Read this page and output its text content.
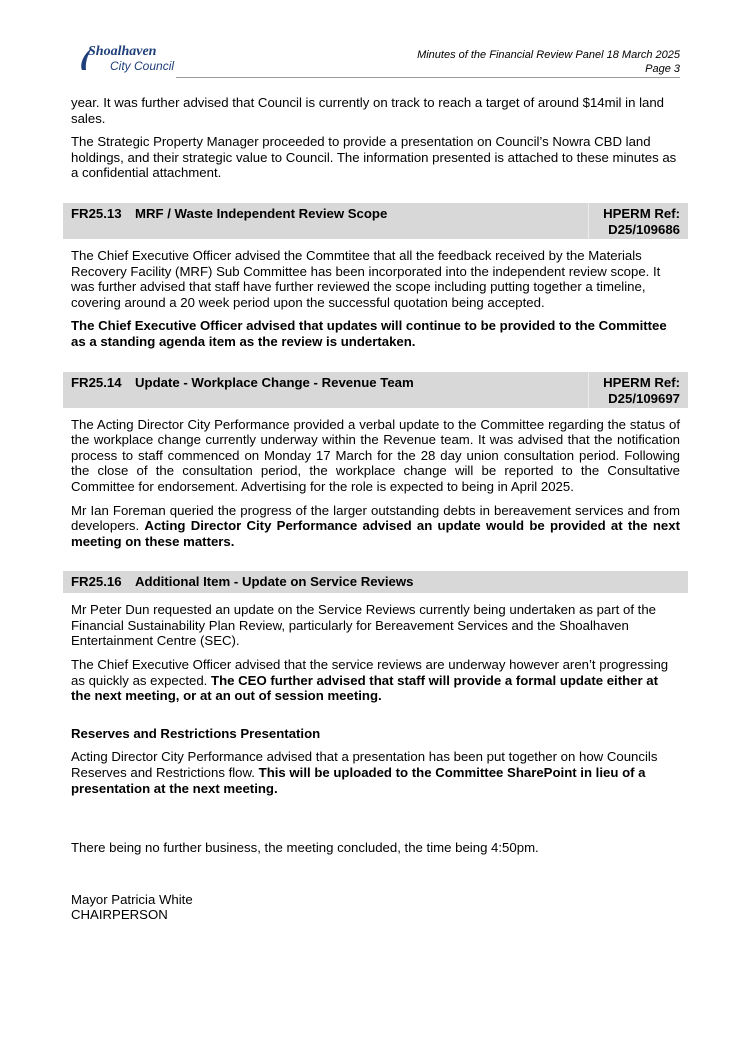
Shoalhaven
City Council
Minutes of the Financial Review Panel 18 March 2025
Page 3

year. It was further advised that Council is currently on track to reach a target of around $14mil in land sales.

The Strategic Property Manager proceeded to provide a presentation on Council’s Nowra CBD land holdings, and their strategic value to Council. The information presented is attached to these minutes as a confidential attachment.

FR25.13 MRF / Waste Independent Review Scope	HPERM Ref:
D25/109686

The Chief Executive Officer advised the Commtitee that all the feedback received by the Materials Recovery Facility (MRF) Sub Committee has been incorporated into the independent review scope. It was further advised that staff have further reviewed the scope including putting together a timeline, covering around a 20 week period upon the successful quotation being accepted.

The Chief Executive Officer advised that updates will continue to be provided to the Committee as a standing agenda item as the review is undertaken.

FR25.14 Update - Workplace Change - Revenue Team	HPERM Ref:
D25/109697

The Acting Director City Performance provided a verbal update to the Committee regarding the status of the workplace change currently underway within the Revenue team. It was advised that the notification process to staff commenced on Monday 17 March for the 28 day union consultation period. Following the close of the consultation period, the workplace change will be reported to the Consultative Committee for endorsement. Advertising for the role is expected to being in April 2025.

Mr Ian Foreman queried the progress of the larger outstanding debts in bereavement services and from developers. Acting Director City Performance advised an update would be provided at the next meeting on these matters.

FR25.16 Additional Item - Update on Service Reviews

Mr Peter Dun requested an update on the Service Reviews currently being undertaken as part of the Financial Sustainability Plan Review, particularly for Bereavement Services and the Shoalhaven Entertainment Centre (SEC).

The Chief Executive Officer advised that the service reviews are underway however aren’t progressing as quickly as expected. The CEO further advised that staff will provide a formal update either at the next meeting, or at an out of session meeting.

Reserves and Restrictions Presentation

Acting Director City Performance advised that a presentation has been put together on how Councils Reserves and Restrictions flow. This will be uploaded to the Committee SharePoint in lieu of a presentation at the next meeting.

There being no further business, the meeting concluded, the time being 4:50pm.

Mayor Patricia White
CHAIRPERSON
